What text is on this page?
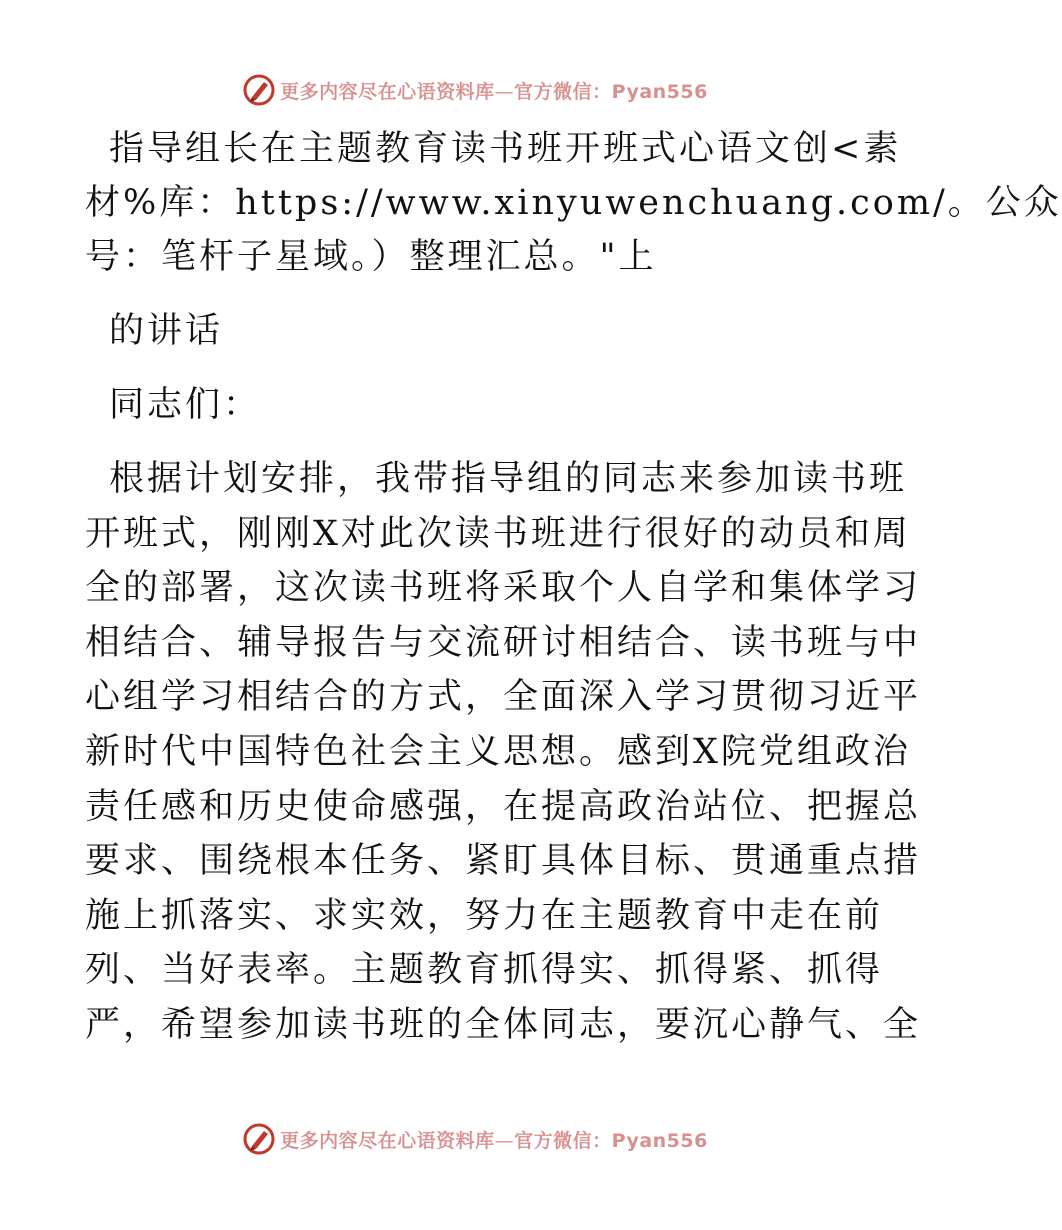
更多内容尽在心语资料库—官方微信：Pyan556

指导组长在主题教育读书班开班式心语文创<素
材%库：https://www.xinyuwenchuang.com/。公众
号：笔杆子星域。）整理汇总。"上

的讲话

同志们：

根据计划安排，我带指导组的同志来参加读书班
开班式，刚刚X对此次读书班进行很好的动员和周
全的部署，这次读书班将采取个人自学和集体学习
相结合、辅导报告与交流研讨相结合、读书班与中
心组学习相结合的方式，全面深入学习贯彻习近平
新时代中国特色社会主义思想。感到X院党组政治
责任感和历史使命感强，在提高政治站位、把握总
要求、围绕根本任务、紧盯具体目标、贯通重点措
施上抓落实、求实效，努力在主题教育中走在前
列、当好表率。主题教育抓得实、抓得紧、抓得
严，希望参加读书班的全体同志，要沉心静气、全

更多内容尽在心语资料库—官方微信：Pyan556
